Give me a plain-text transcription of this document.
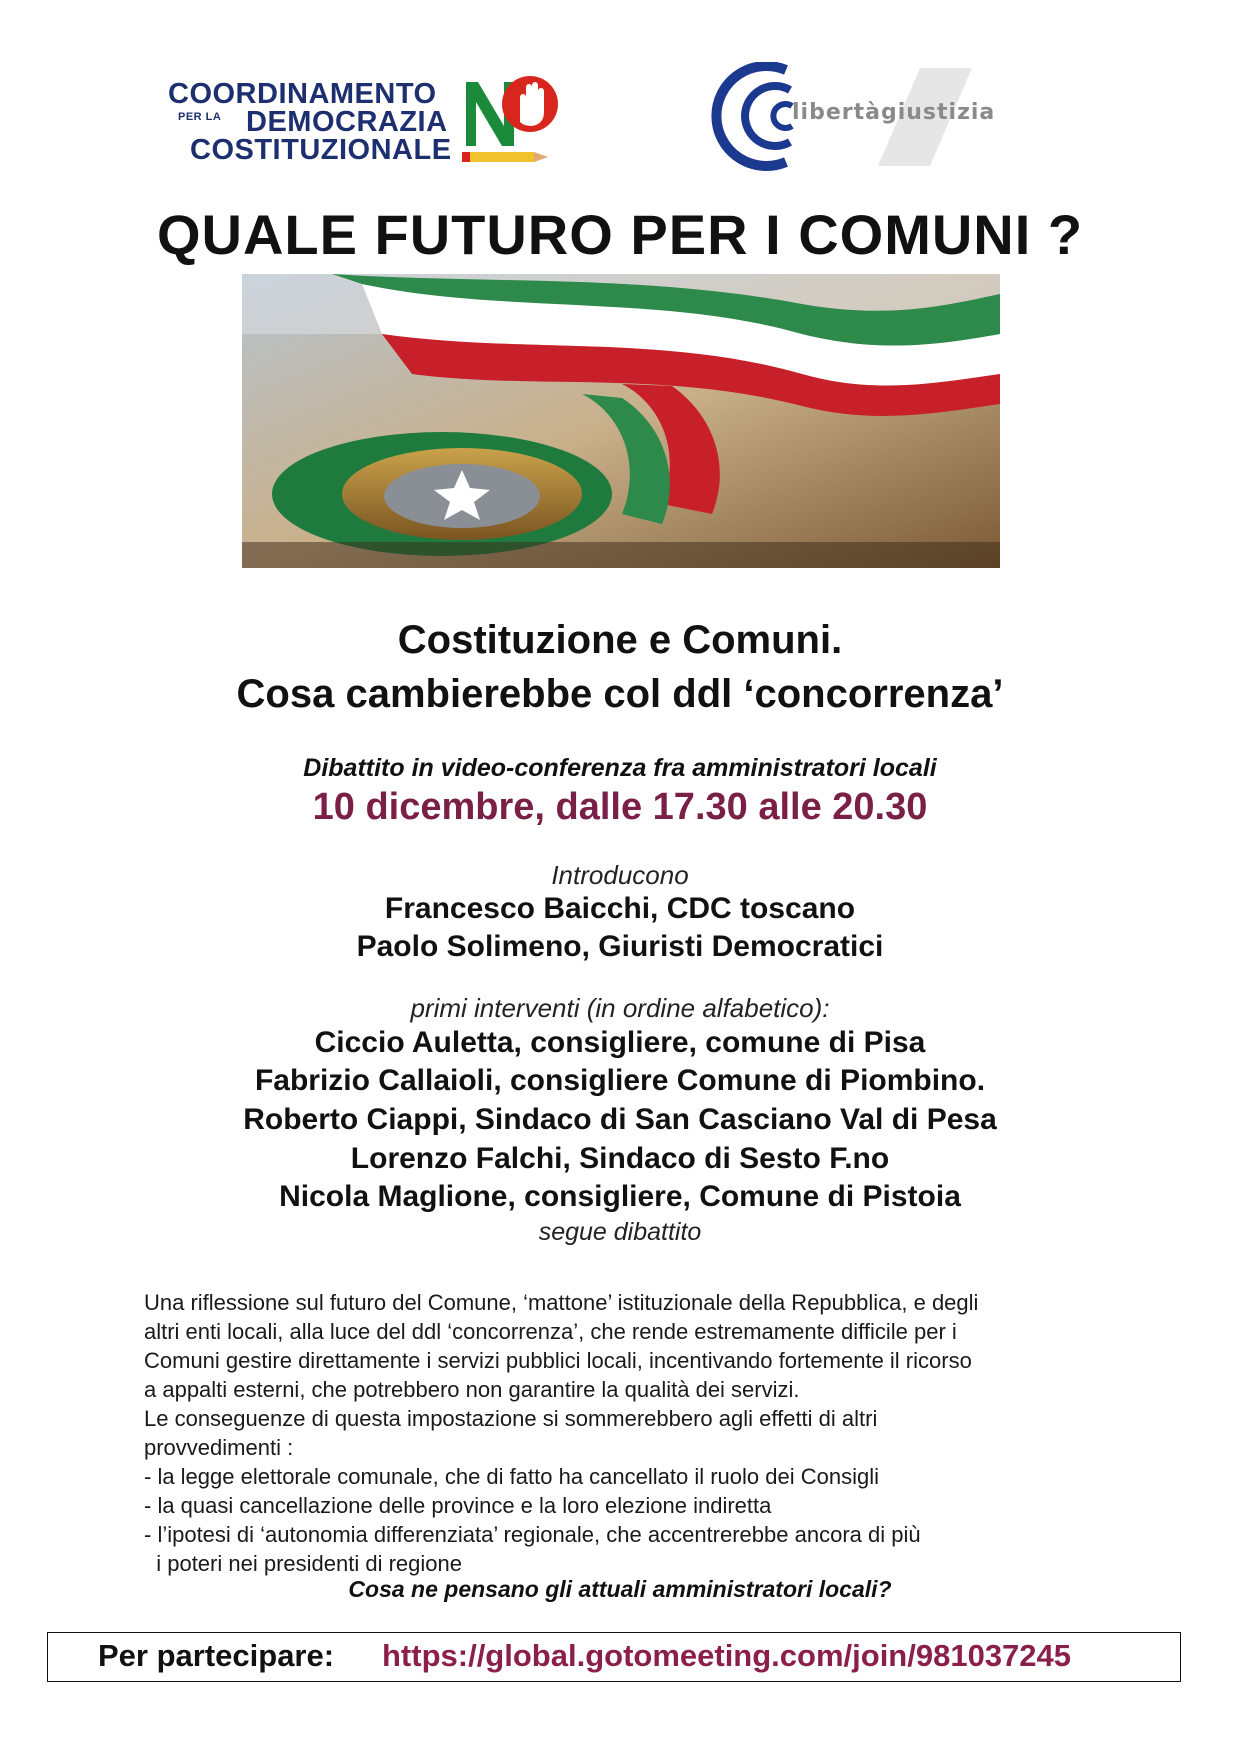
COORDINAMENTO
PER LA DEMOCRAZIA
COSTITUZIONALE
libertàgiustizia
QUALE FUTURO PER I COMUNI ?
Costituzione e Comuni.
Cosa cambierebbe col ddl ‘concorrenza’
Dibattito in video-conferenza fra amministratori locali
10 dicembre, dalle 17.30 alle 20.30
Introducono
Francesco Baicchi, CDC toscano
Paolo Solimeno, Giuristi Democratici
primi interventi (in ordine alfabetico):
Ciccio Auletta, consigliere, comune di Pisa
Fabrizio Callaioli, consigliere Comune di Piombino.
Roberto Ciappi, Sindaco di San Casciano Val di Pesa
Lorenzo Falchi, Sindaco di Sesto F.no
Nicola Maglione, consigliere, Comune di Pistoia
segue dibattito

Una riflessione sul futuro del Comune, ‘mattone’ istituzionale della Repubblica, e degli

altri enti locali, alla luce del ddl ‘concorrenza’, che rende estremamente difficile per i

Comuni gestire direttamente i servizi pubblici locali, incentivando fortemente il ricorso

a appalti esterni, che potrebbero non garantire la qualità dei servizi.

Le conseguenze di questa impostazione si sommerebbero agli effetti di altri

provvedimenti :

- la legge elettorale comunale, che di fatto ha cancellato il ruolo dei Consigli

- la quasi cancellazione delle province e la loro elezione indiretta

- l’ipotesi di ‘autonomia differenziata’ regionale, che accentrerebbe ancora di più

i poteri nei presidenti di regione

Cosa ne pensano gli attuali amministratori locali?
Per partecipare: https://global.gotomeeting.com/join/981037245
